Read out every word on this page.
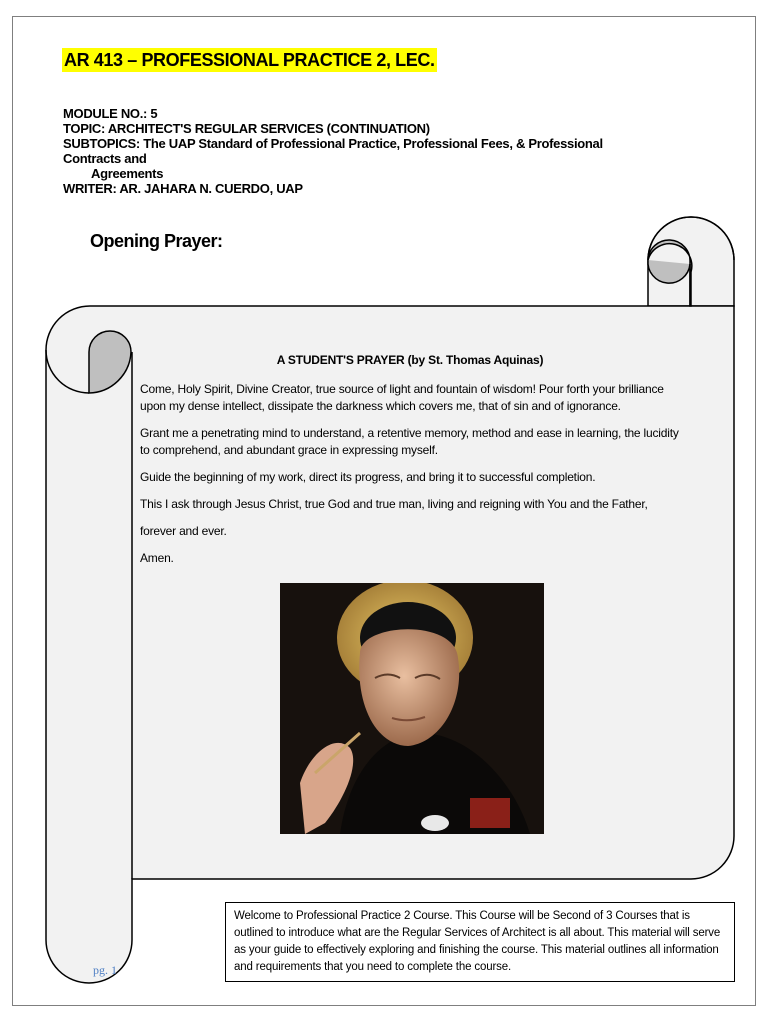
AR 413 – PROFESSIONAL PRACTICE 2, LEC.
MODULE NO.: 5
TOPIC: ARCHITECT'S REGULAR SERVICES (CONTINUATION)
SUBTOPICS: The UAP Standard of Professional Practice, Professional Fees, & Professional Contracts and
Agreements
WRITER: AR. JAHARA N. CUERDO, UAP
Opening Prayer:
A STUDENT'S PRAYER (by St. Thomas Aquinas)

Come, Holy Spirit, Divine Creator, true source of light and fountain of wisdom! Pour forth your brilliance upon my dense intellect, dissipate the darkness which covers me, that of sin and of ignorance.

Grant me a penetrating mind to understand, a retentive memory, method and ease in learning, the lucidity to comprehend, and abundant grace in expressing myself.

Guide the beginning of my work, direct its progress, and bring it to successful completion.

This I ask through Jesus Christ, true God and true man, living and reigning with You and the Father,

forever and ever.

Amen.

Welcome to Professional Practice 2 Course. This Course will be Second of 3 Courses that is outlined to introduce what are the Regular Services of Architect is all about. This material will serve as your guide to effectively exploring and finishing the course. This material outlines all information and requirements that you need to complete the course.
pg. 1
